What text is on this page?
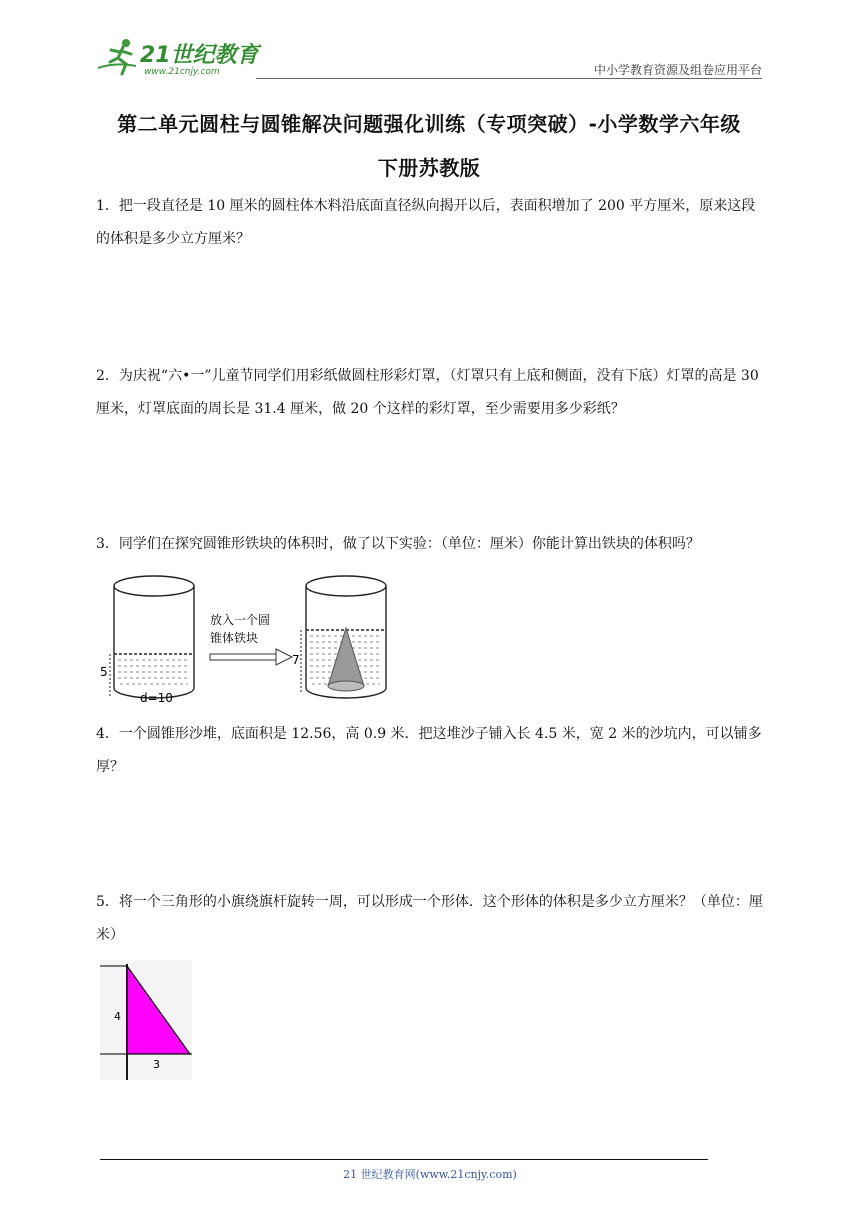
21世纪教育
www.21cnjy.com	中小学教育资源及组卷应用平台
第二单元圆柱与圆锥解决问题强化训练（专项突破）-小学数学六年级
下册苏教版
1．把一段直径是 10 厘米的圆柱体木料沿底面直径纵向揭开以后，表面积增加了 200 平方厘米，原来这段的体积是多少立方厘米？
2．为庆祝“六•一”儿童节同学们用彩纸做圆柱形彩灯罩，（灯罩只有上底和侧面，没有下底）灯罩的高是 30 厘米，灯罩底面的周长是 31.4 厘米，做 20 个这样的彩灯罩，至少需要用多少彩纸？
3．同学们在探究圆锥形铁块的体积时，做了以下实验：（单位：厘米）你能计算出铁块的体积吗？
5
d=10
放入一个圆
锥体铁块
7
4．一个圆锥形沙堆，底面积是 12.56，高 0.9 米．把这堆沙子铺入长 4.5 米，宽 2 米的沙坑内，可以铺多厚？
5．将一个三角形的小旗绕旗杆旋转一周，可以形成一个形体．这个形体的体积是多少立方厘米？（单位：厘米）
4
3
21 世纪教育网(www.21cnjy.com)
